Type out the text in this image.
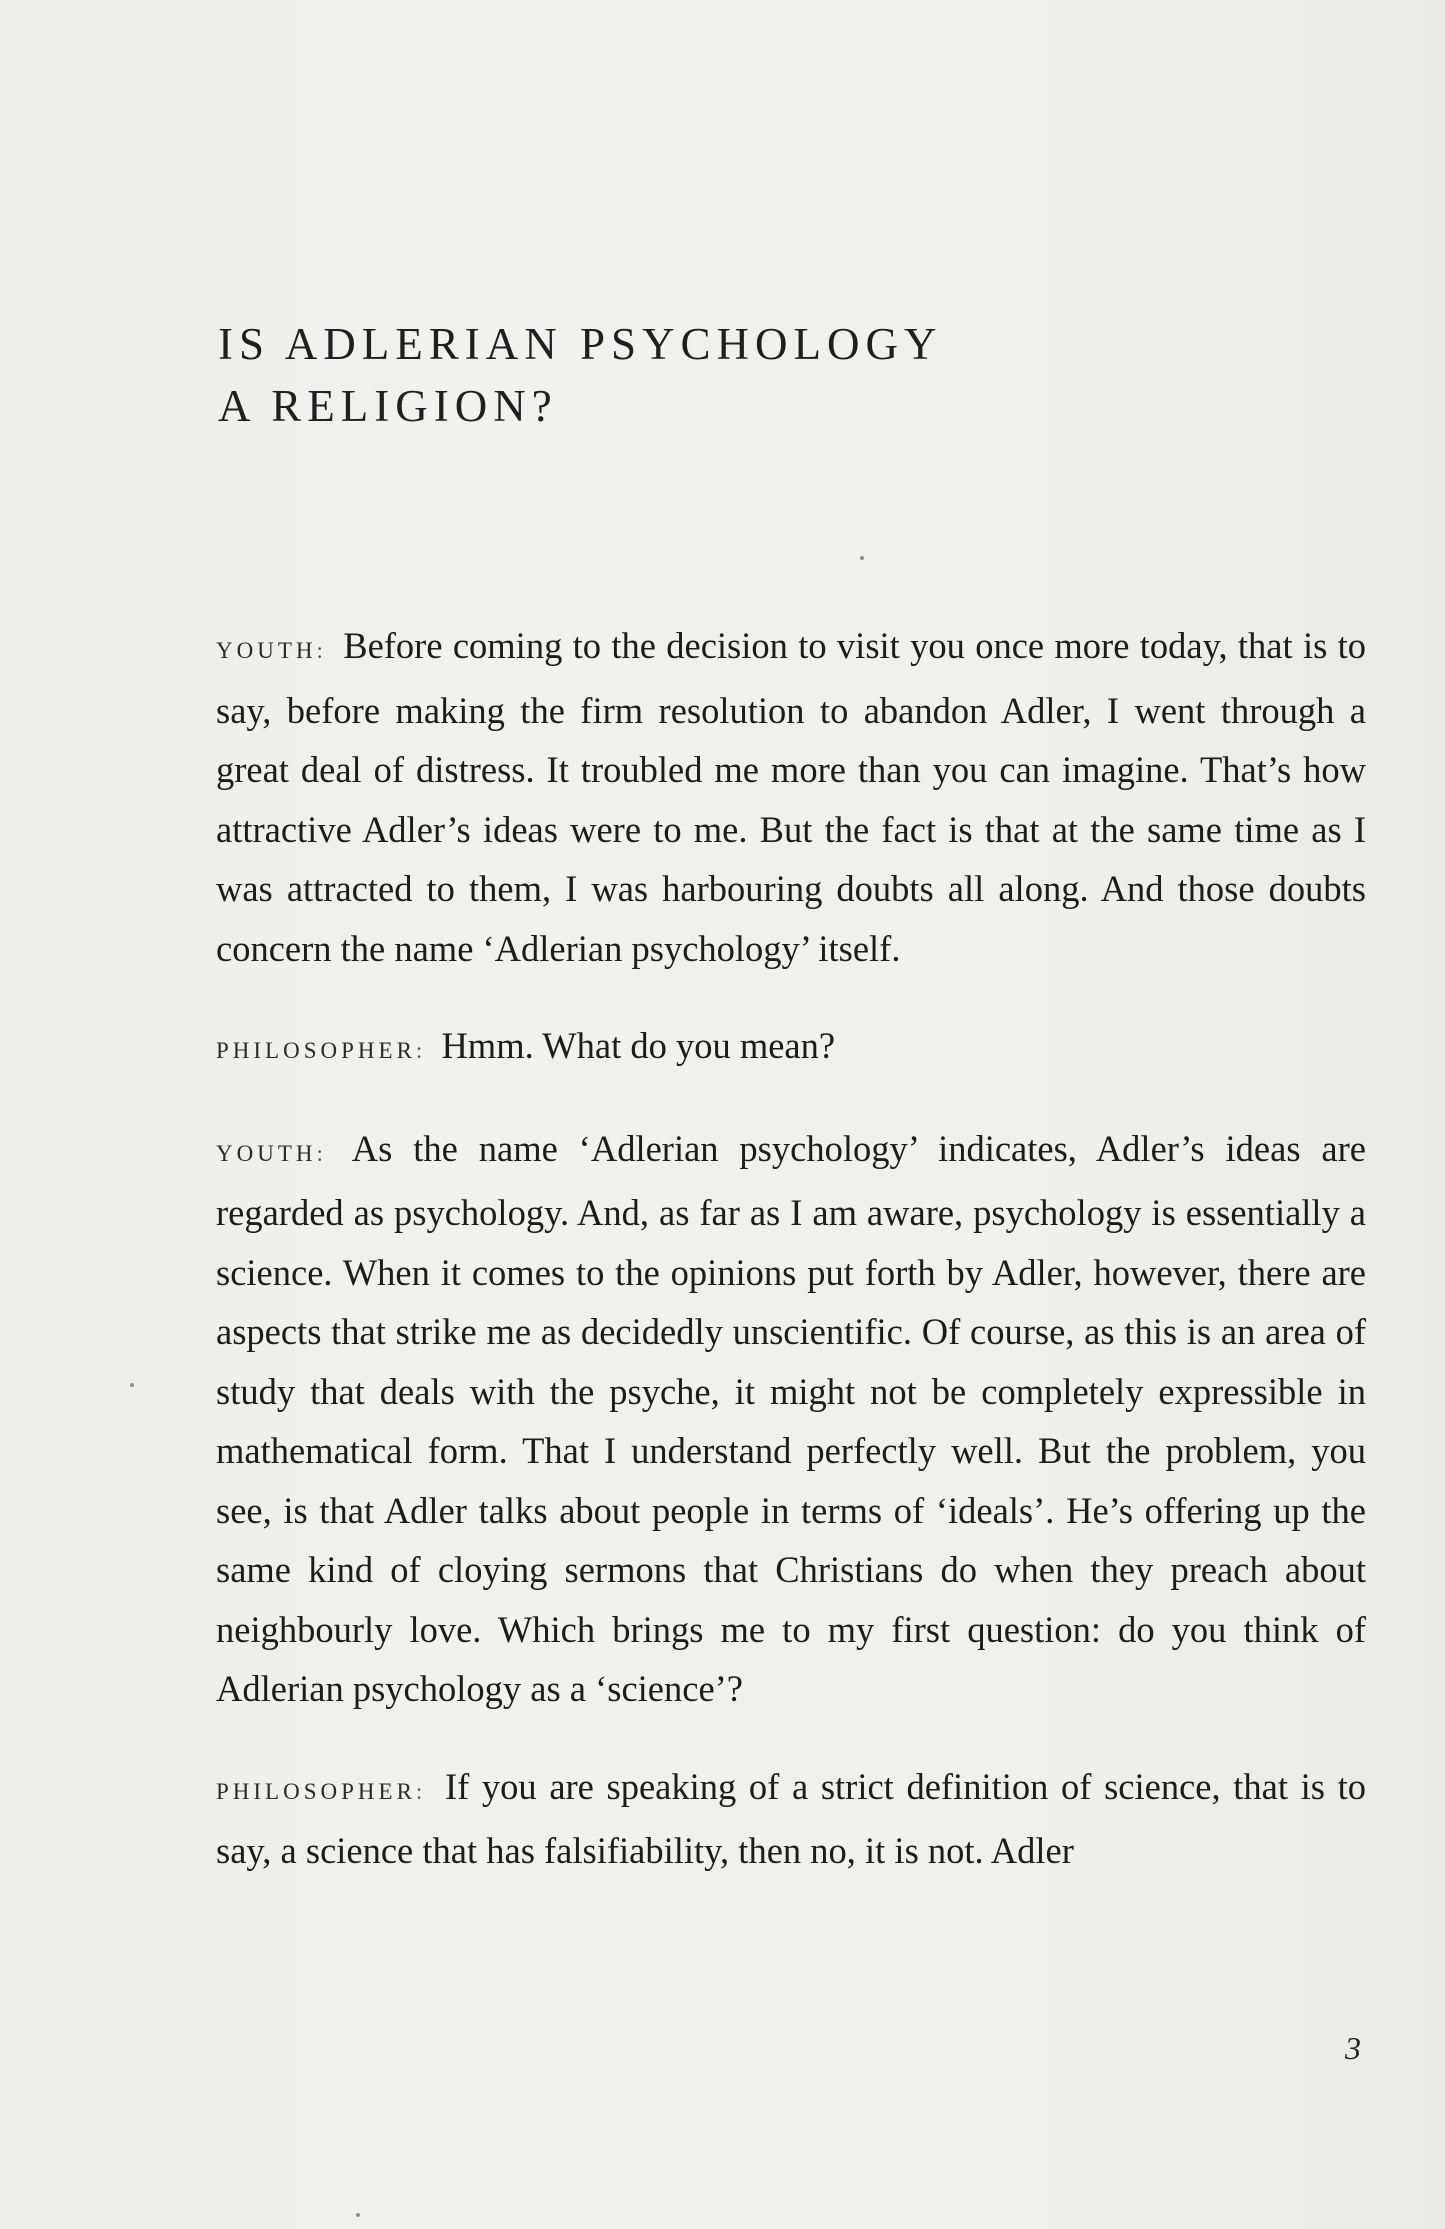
IS ADLERIAN PSYCHOLOGY
A RELIGION?

YOUTH: Before coming to the decision to visit you once more today, that is to say, before making the firm resolution to abandon Adler, I went through a great deal of distress. It troubled me more than you can imagine. That’s how attractive Adler’s ideas were to me. But the fact is that at the same time as I was attracted to them, I was harbouring doubts all along. And those doubts concern the name ‘Adlerian psychology’ itself.

PHILOSOPHER: Hmm. What do you mean?

YOUTH: As the name ‘Adlerian psychology’ indicates, Adler’s ideas are regarded as psychology. And, as far as I am aware, psychology is essentially a science. When it comes to the opinions put forth by Adler, however, there are aspects that strike me as decidedly unscientific. Of course, as this is an area of study that deals with the psyche, it might not be completely expressible in mathematical form. That I understand perfectly well. But the problem, you see, is that Adler talks about people in terms of ‘ideals’. He’s offering up the same kind of cloying sermons that Christians do when they preach about neighbourly love. Which brings me to my first question: do you think of Adlerian psychology as a ‘science’?

PHILOSOPHER: If you are speaking of a strict definition of science, that is to say, a science that has falsifiability, then no, it is not. Adler

3
